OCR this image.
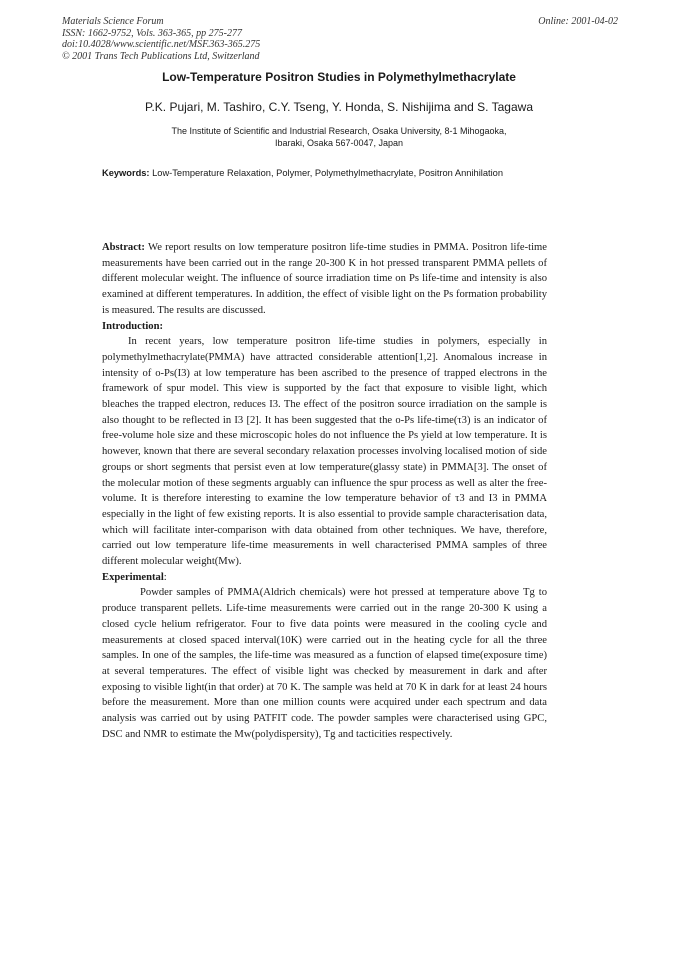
Materials Science Forum
ISSN: 1662-9752, Vols. 363-365, pp 275-277
doi:10.4028/www.scientific.net/MSF.363-365.275
© 2001 Trans Tech Publications Ltd, Switzerland
Online: 2001-04-02
Low-Temperature Positron Studies in Polymethylmethacrylate
P.K. Pujari, M. Tashiro, C.Y. Tseng, Y. Honda, S. Nishijima and S. Tagawa
The Institute of Scientific and Industrial Research, Osaka University, 8-1 Mihogaoka,
Ibaraki, Osaka 567-0047, Japan
Keywords: Low-Temperature Relaxation, Polymer, Polymethylmethacrylate, Positron Annihilation

Abstract: We report results on low temperature positron life-time studies in PMMA. Positron life-time measurements have been carried out in the range 20-300 K in hot pressed transparent PMMA pellets of different molecular weight. The influence of source irradiation time on Ps life-time and intensity is also examined at different temperatures. In addition, the effect of visible light on the Ps formation probability is measured. The results are discussed.

Introduction:

In recent years, low temperature positron life-time studies in polymers, especially in polymethylmethacrylate(PMMA) have attracted considerable attention[1,2]. Anomalous increase in intensity of o-Ps(I3) at low temperature has been ascribed to the presence of trapped electrons in the framework of spur model. This view is supported by the fact that exposure to visible light, which bleaches the trapped electron, reduces I3. The effect of the positron source irradiation on the sample is also thought to be reflected in I3 [2]. It has been suggested that the o-Ps life-time(τ3) is an indicator of free-volume hole size and these microscopic holes do not influence the Ps yield at low temperature. It is however, known that there are several secondary relaxation processes involving localised motion of side groups or short segments that persist even at low temperature(glassy state) in PMMA[3]. The onset of the molecular motion of these segments arguably can influence the spur process as well as alter the free-volume. It is therefore interesting to examine the low temperature behavior of τ3 and I3 in PMMA especially in the light of few existing reports. It is also essential to provide sample characterisation data, which will facilitate inter-comparison with data obtained from other techniques. We have, therefore, carried out low temperature life-time measurements in well characterised PMMA samples of three different molecular weight(Mw).

Experimental:

Powder samples of PMMA(Aldrich chemicals) were hot pressed at temperature above Tg to produce transparent pellets. Life-time measurements were carried out in the range 20-300 K using a closed cycle helium refrigerator. Four to five data points were measured in the cooling cycle and measurements at closed spaced interval(10K) were carried out in the heating cycle for all the three samples. In one of the samples, the life-time was measured as a function of elapsed time(exposure time) at several temperatures. The effect of visible light was checked by measurement in dark and after exposing to visible light(in that order) at 70 K. The sample was held at 70 K in dark for at least 24 hours before the measurement. More than one million counts were acquired under each spectrum and data analysis was carried out by using PATFIT code. The powder samples were characterised using GPC, DSC and NMR to estimate the Mw(polydispersity), Tg and tacticities respectively.
